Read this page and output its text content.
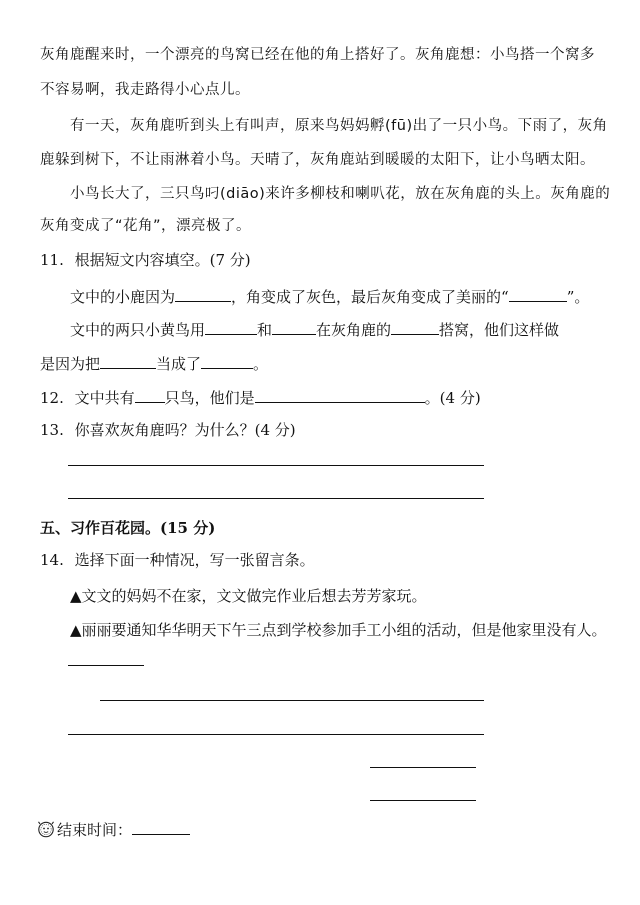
灰角鹿醒来时，一个漂亮的鸟窝已经在他的角上搭好了。灰角鹿想：小鸟搭一个窝多
不容易啊，我走路得小心点儿。
有一天，灰角鹿听到头上有叫声，原来鸟妈妈孵(fū)出了一只小鸟。下雨了，灰角
鹿躲到树下，不让雨淋着小鸟。天晴了，灰角鹿站到暖暖的太阳下，让小鸟晒太阳。
小鸟长大了，三只鸟叼(diāo)来许多柳枝和喇叭花，放在灰角鹿的头上。灰角鹿的
灰角变成了“花角”，漂亮极了。
11. 根据短文内容填空。(7 分)
文中的小鹿因为	，角变成了灰色，最后灰角变成了美丽的“	”。
文中的两只小黄鸟用	和	在灰角鹿的	搭窝，他们这样做
是因为把	当成了	。
12. 文中共有 只鸟，他们是	。(4 分)
13. 你喜欢灰角鹿吗？为什么？(4 分)
五、习作百花园。(15 分)
14. 选择下面一种情况，写一张留言条。
▲文文的妈妈不在家，文文做完作业后想去芳芳家玩。
▲丽丽要通知华华明天下午三点到学校参加手工小组的活动，但是他家里没有人。
结束时间：
